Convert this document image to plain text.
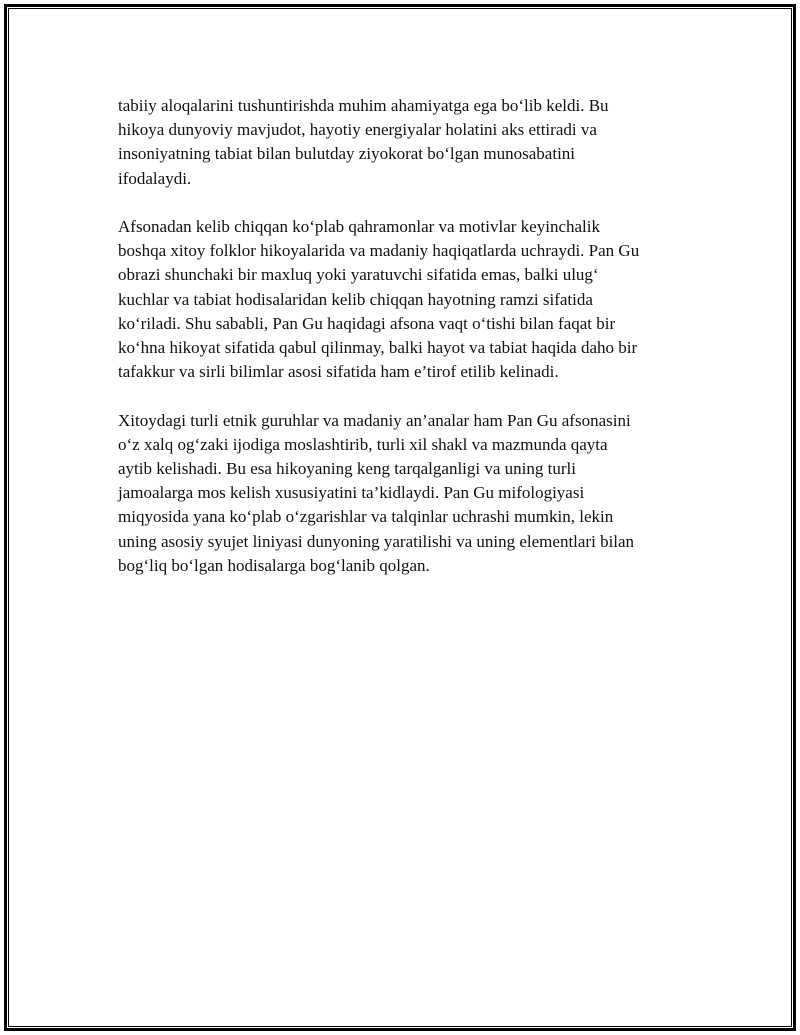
tabiiy aloqalarini tushuntirishda muhim ahamiyatga ega bo‘lib keldi. Bu
hikoya dunyoviy mavjudot, hayotiy energiyalar holatini aks ettiradi va
insoniyatning tabiat bilan bulutday ziyokorat bo‘lgan munosabatini
ifodalaydi.

Afsonadan kelib chiqqan ko‘plab qahramonlar va motivlar keyinchalik
boshqa xitoy folklor hikoyalarida va madaniy haqiqatlarda uchraydi. Pan Gu
obrazi shunchaki bir maxluq yoki yaratuvchi sifatida emas, balki ulug‘
kuchlar va tabiat hodisalaridan kelib chiqqan hayotning ramzi sifatida
ko‘riladi. Shu sababli, Pan Gu haqidagi afsona vaqt o‘tishi bilan faqat bir
ko‘hna hikoyat sifatida qabul qilinmay, balki hayot va tabiat haqida daho bir
tafakkur va sirli bilimlar asosi sifatida ham e’tirof etilib kelinadi.

Xitoydagi turli etnik guruhlar va madaniy an’analar ham Pan Gu afsonasini
o‘z xalq og‘zaki ijodiga moslashtirib, turli xil shakl va mazmunda qayta
aytib kelishadi. Bu esa hikoyaning keng tarqalganligi va uning turli
jamoalarga mos kelish xususiyatini ta’kidlaydi. Pan Gu mifologiyasi
miqyosida yana ko‘plab o‘zgarishlar va talqinlar uchrashi mumkin, lekin
uning asosiy syujet liniyasi dunyoning yaratilishi va uning elementlari bilan
bog‘liq bo‘lgan hodisalarga bog‘lanib qolgan.
